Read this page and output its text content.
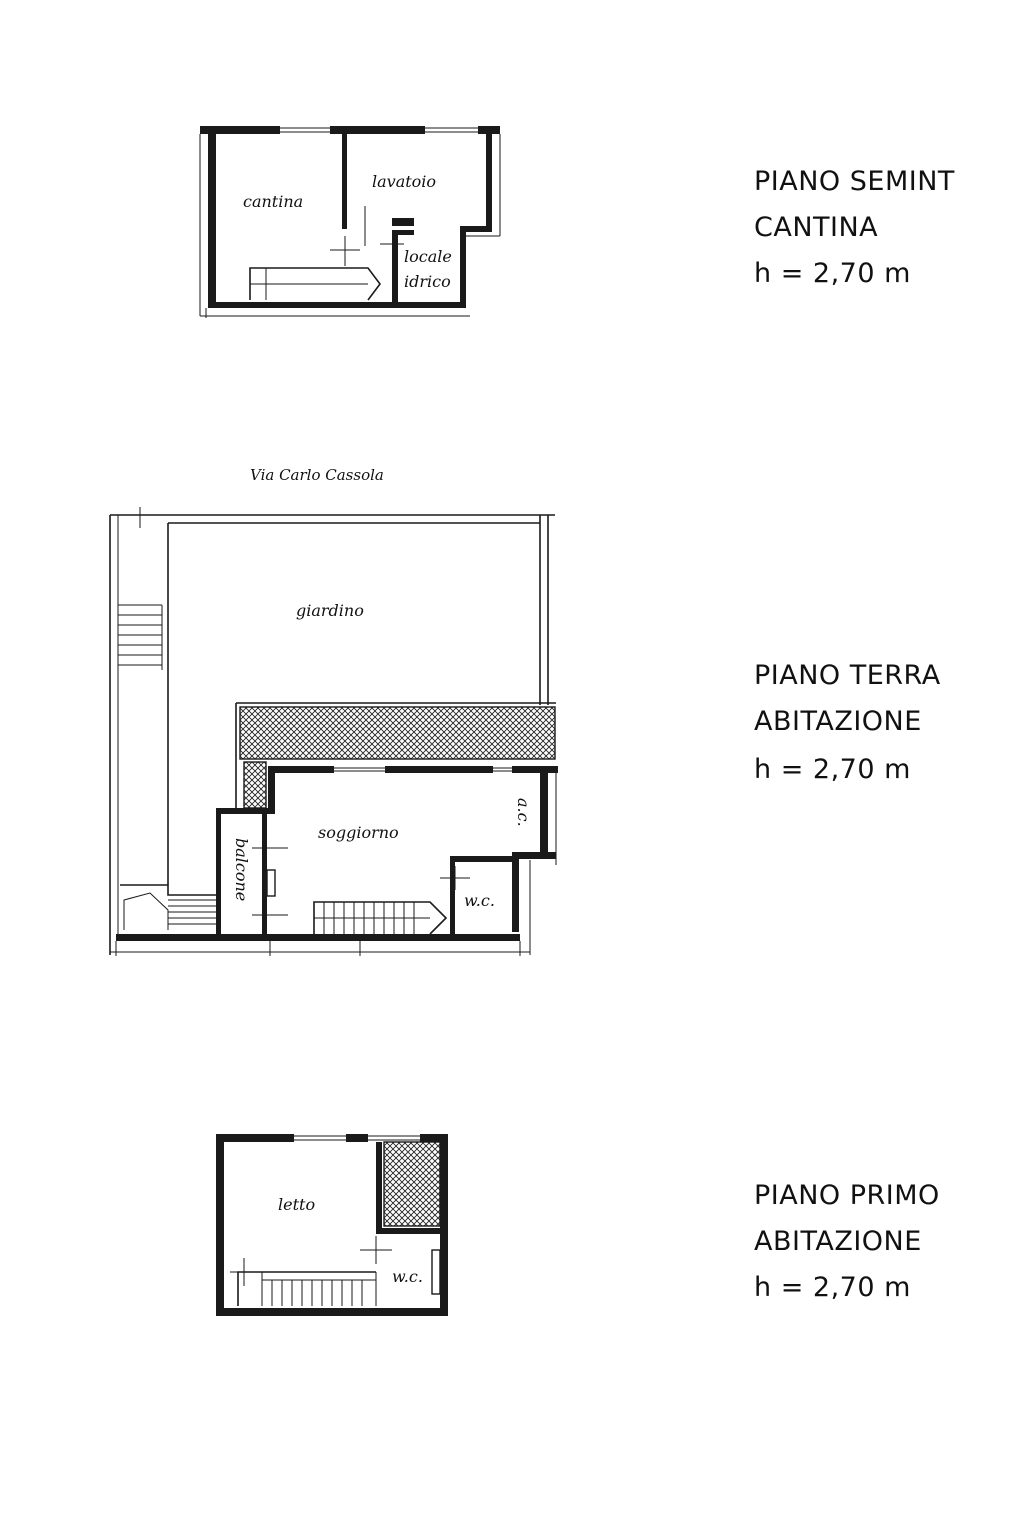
cantina
lavatoio
locale
idrico
Via Carlo Cassola
giardino
soggiorno
balcone
a.c.
w.c.
letto
w.c.
PIANO SEMINT
CANTINA
h = 2,70 m
PIANO TERRA
ABITAZIONE
h = 2,70 m
PIANO PRIMO
ABITAZIONE
h = 2,70 m
